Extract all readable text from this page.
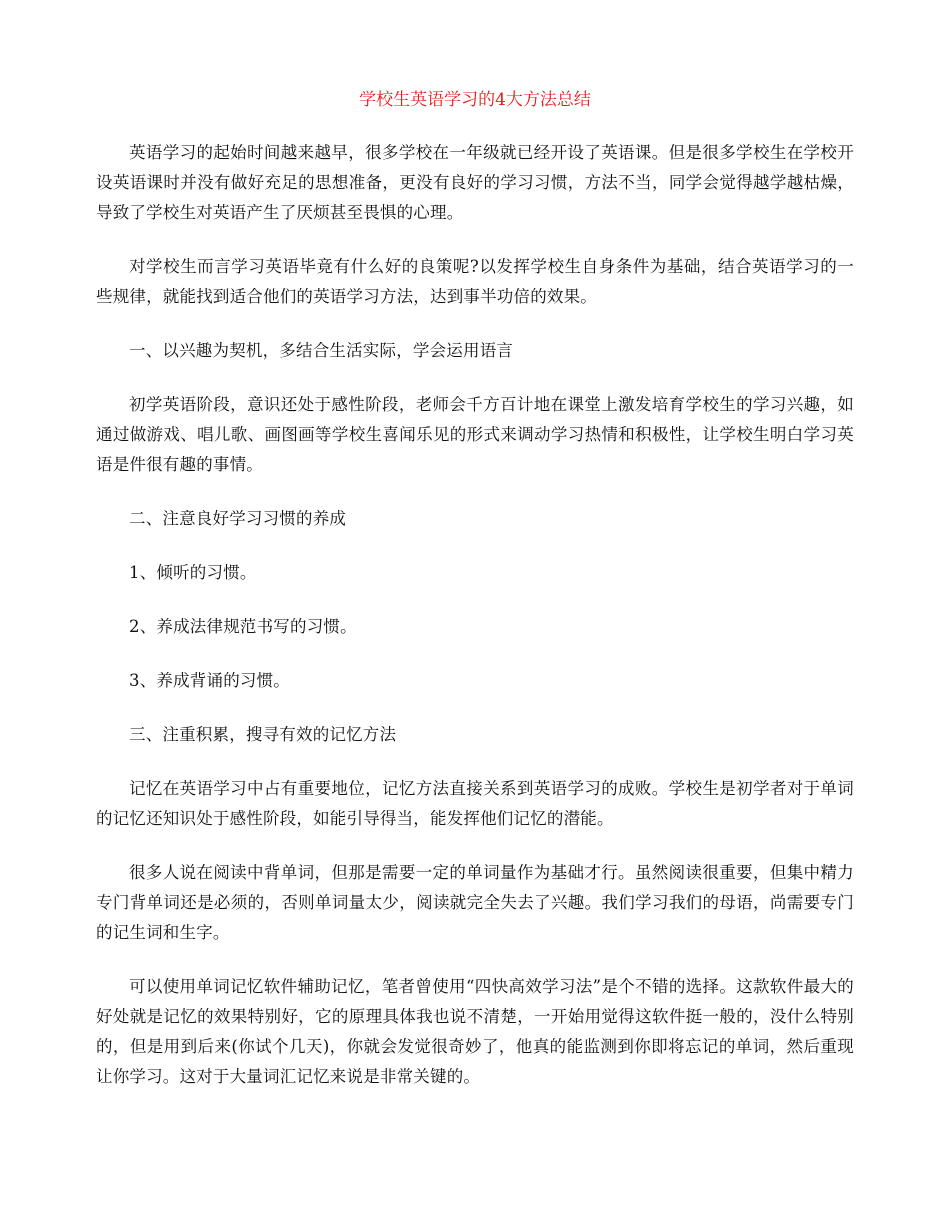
学校生英语学习的4大方法总结

英语学习的起始时间越来越早，很多学校在一年级就已经开设了英语课。但是很多学校生在学校开设英语课时并没有做好充足的思想准备，更没有良好的学习习惯，方法不当，同学会觉得越学越枯燥，导致了学校生对英语产生了厌烦甚至畏惧的心理。

对学校生而言学习英语毕竟有什么好的良策呢?以发挥学校生自身条件为基础，结合英语学习的一些规律，就能找到适合他们的英语学习方法，达到事半功倍的效果。

一、以兴趣为契机，多结合生活实际，学会运用语言

初学英语阶段，意识还处于感性阶段，老师会千方百计地在课堂上激发培育学校生的学习兴趣，如通过做游戏、唱儿歌、画图画等学校生喜闻乐见的形式来调动学习热情和积极性，让学校生明白学习英语是件很有趣的事情。

二、注意良好学习习惯的养成

1、倾听的习惯。

2、养成法律规范书写的习惯。

3、养成背诵的习惯。

三、注重积累，搜寻有效的记忆方法

记忆在英语学习中占有重要地位，记忆方法直接关系到英语学习的成败。学校生是初学者对于单词的记忆还知识处于感性阶段，如能引导得当，能发挥他们记忆的潜能。

很多人说在阅读中背单词，但那是需要一定的单词量作为基础才行。虽然阅读很重要，但集中精力专门背单词还是必须的，否则单词量太少，阅读就完全失去了兴趣。我们学习我们的母语，尚需要专门的记生词和生字。

可以使用单词记忆软件辅助记忆，笔者曾使用“四快高效学习法”是个不错的选择。这款软件最大的好处就是记忆的效果特别好，它的原理具体我也说不清楚，一开始用觉得这软件挺一般的，没什么特别的，但是用到后来(你试个几天)，你就会发觉很奇妙了，他真的能监测到你即将忘记的单词，然后重现让你学习。这对于大量词汇记忆来说是非常关键的。
